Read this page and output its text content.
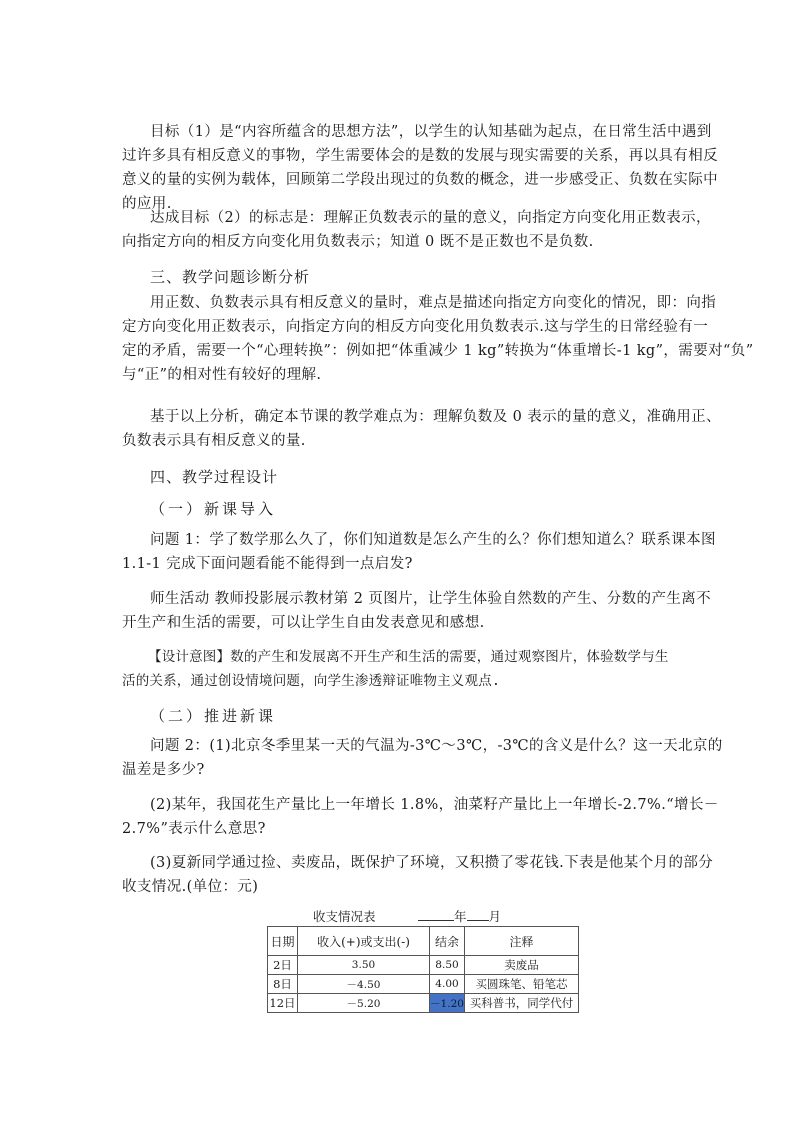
目标（1）是“内容所蕴含的思想方法”，以学生的认知基础为起点，在日常生活中遇到
过许多具有相反意义的事物，学生需要体会的是数的发展与现实需要的关系，再以具有相反
意义的量的实例为载体，回顾第二学段出现过的负数的概念，进一步感受正、负数在实际中
的应用.
达成目标（2）的标志是：理解正负数表示的量的意义，向指定方向变化用正数表示，
向指定方向的相反方向变化用负数表示；知道 0 既不是正数也不是负数.
三、教学问题诊断分析
用正数、负数表示具有相反意义的量时，难点是描述向指定方向变化的情况，即：向指
定方向变化用正数表示，向指定方向的相反方向变化用负数表示.这与学生的日常经验有一
定的矛盾，需要一个“心理转换”：例如把“体重减少 1 kg”转换为“体重增长-1 kg”，需要对“负”
与“正”的相对性有较好的理解.
基于以上分析，确定本节课的教学难点为：理解负数及 0 表示的量的意义，准确用正、
负数表示具有相反意义的量.
四、教学过程设计
（一）新课导入
问题 1：学了数学那么久了，你们知道数是怎么产生的么？你们想知道么？联系课本图
1.1-1 完成下面问题看能不能得到一点启发?
师生活动 教师投影展示教材第 2 页图片，让学生体验自然数的产生、分数的产生离不
开生产和生活的需要，可以让学生自由发表意见和感想.
【设计意图】数的产生和发展离不开生产和生活的需要，通过观察图片，体验数学与生
活的关系，通过创设情境问题，向学生渗透辩证唯物主义观点.
（二）推进新课
问题 2：(1)北京冬季里某一天的气温为-3℃～3℃，-3℃的含义是什么？这一天北京的
温差是多少?
(2)某年，我国花生产量比上一年增长 1.8%，油菜籽产量比上一年增长-2.7%.“增长－
2.7%”表示什么意思?
(3)夏新同学通过捡、卖废品，既保护了环境，又积攒了零花钱.下表是他某个月的部分
收支情况.(单位：元)
收支情况表	年 月
日期	收入(+)或支出(-)	结余	注释
2日	3.50	8.50	卖废品
8日	－4.50	4.00	买圆珠笔、铅笔芯
12日	－5.20	－1.20	买科普书，同学代付
